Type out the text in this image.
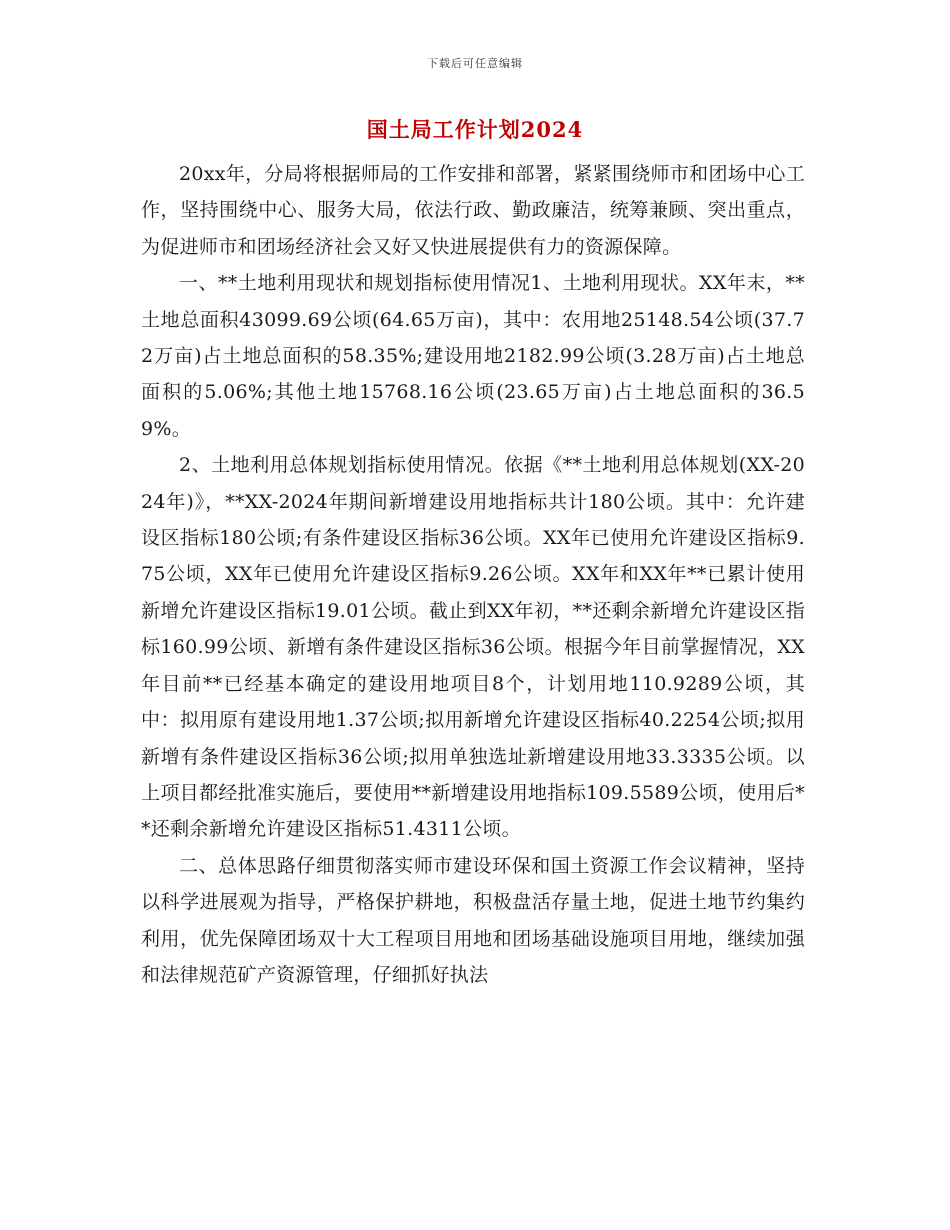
下载后可任意编辑
国土局工作计划2024

20xx年，分局将根据师局的工作安排和部署，紧紧围绕师市和团场中心工作，坚持围绕中心、服务大局，依法行政、勤政廉洁，统筹兼顾、突出重点，为促进师市和团场经济社会又好又快进展提供有力的资源保障。

一、**土地利用现状和规划指标使用情况1、土地利用现状。XX年末，**土地总面积43099.69公顷(64.65万亩)，其中：农用地25148.54公顷(37.72万亩)占土地总面积的58.35%;建设用地2182.99公顷(3.28万亩)占土地总面积的5.06%;其他土地15768.16公顷(23.65万亩)占土地总面积的36.59%。

2、土地利用总体规划指标使用情况。依据《**土地利用总体规划(XX-2024年)》，**XX-2024年期间新增建设用地指标共计180公顷。其中：允许建设区指标180公顷;有条件建设区指标36公顷。XX年已使用允许建设区指标9.75公顷，XX年已使用允许建设区指标9.26公顷。XX年和XX年**已累计使用新增允许建设区指标19.01公顷。截止到XX年初，**还剩余新增允许建设区指标160.99公顷、新增有条件建设区指标36公顷。根据今年目前掌握情况，XX年目前**已经基本确定的建设用地项目8个，计划用地110.9289公顷，其中：拟用原有建设用地1.37公顷;拟用新增允许建设区指标40.2254公顷;拟用新增有条件建设区指标36公顷;拟用单独选址新增建设用地33.3335公顷。以上项目都经批准实施后，要使用**新增建设用地指标109.5589公顷，使用后**还剩余新增允许建设区指标51.4311公顷。

二、总体思路仔细贯彻落实师市建设环保和国土资源工作会议精神，坚持以科学进展观为指导，严格保护耕地，积极盘活存量土地，促进土地节约集约利用，优先保障团场双十大工程项目用地和团场基础设施项目用地，继续加强和法律规范矿产资源管理，仔细抓好执法
